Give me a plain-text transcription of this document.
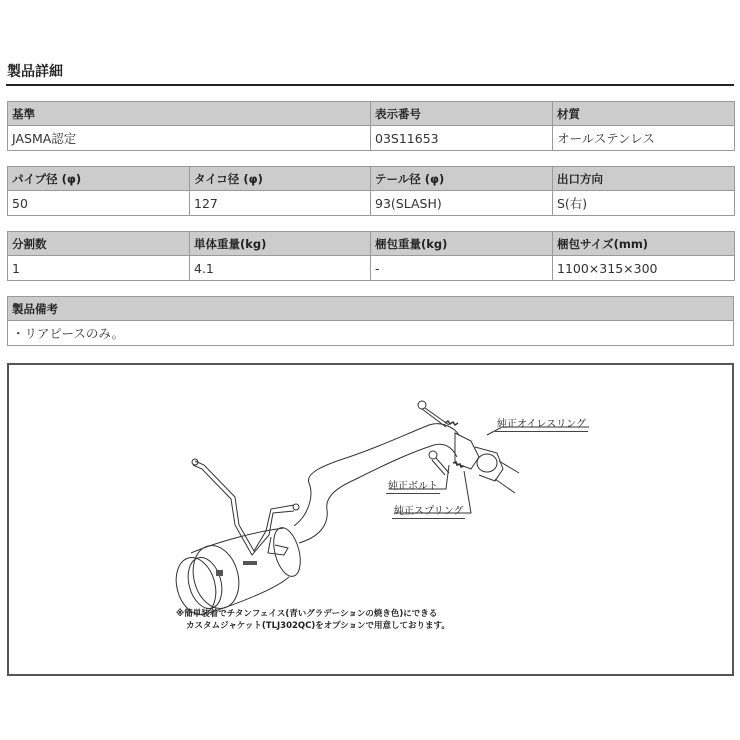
製品詳細
基準	表示番号	材質
JASMA認定	03S11653	オールステンレス
パイプ径 (φ)	タイコ径 (φ)	テール径 (φ)	出口方向
50	127	93(SLASH)	S(右)
分割数	単体重量(kg)	梱包重量(kg)	梱包サイズ(mm)
1	4.1	-	1100×315×300
製品備考
・リアピースのみ。
純正オイレスリング
純正ボルト
純正スプリング
※簡単装着でチタンフェイス(青いグラデーションの焼き色)にできる
カスタムジャケット(TLJ302QC)をオプションで用意しております。
